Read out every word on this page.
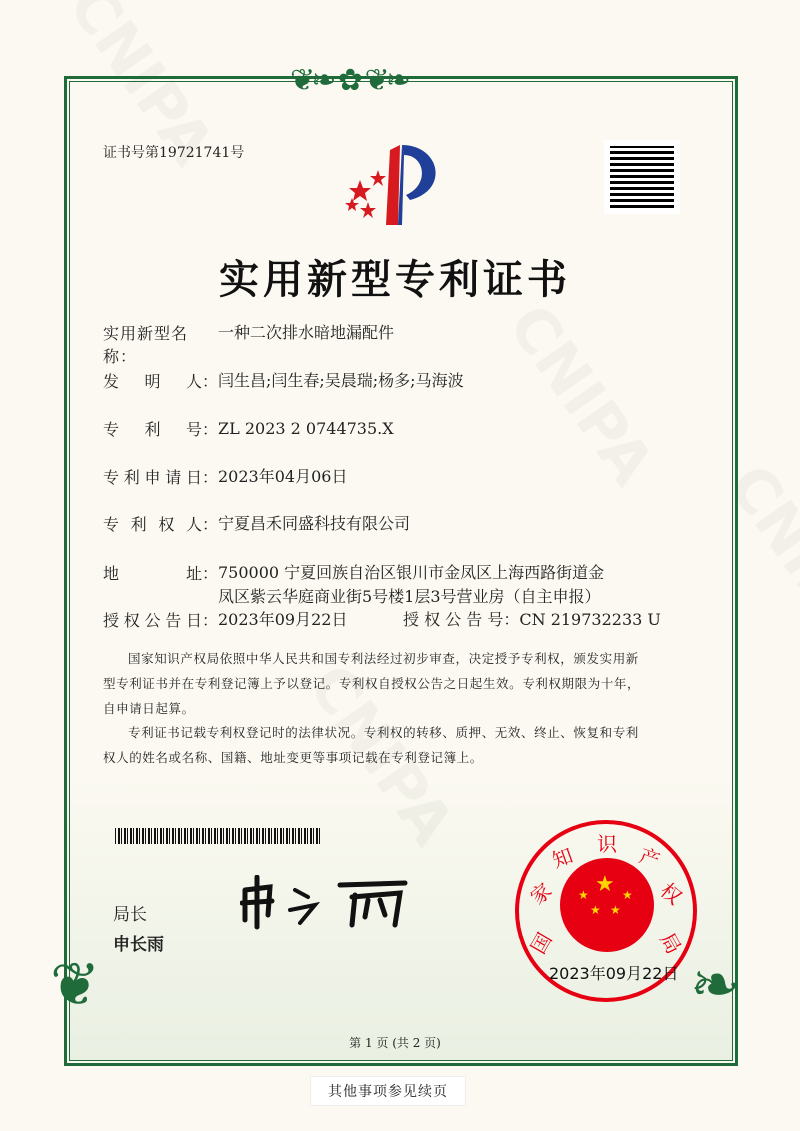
❦❧ ✿ ❦❧
❦	❧
证书号第19721741号
实用新型专利证书
实用新型名称：
一种二次排水暗地漏配件
发 明 人： 闫生昌;闫生春;吴晨瑞;杨多;马海波
专 利 号： ZL 2023 2 0744735.X
专 利 申 请 日： 2023年04月06日
专 利 权 人： 宁夏昌禾同盛科技有限公司
地	址： 750000 宁夏回族自治区银川市金凤区上海西路街道金
凤区紫云华庭商业街5号楼1层3号营业房（自主申报）
授 权 公 告 日： 2023年09月22日	授 权 公 告 号： CN 219732233 U
国家知识产权局依照中华人民共和国专利法经过初步审查，决定授予专利权，颁发实用新型专利证书并在专利登记簿上予以登记。专利权自授权公告之日起生效。专利权期限为十年，自申请日起算。
专利证书记载专利权登记时的法律状况。专利权的转移、质押、无效、终止、恢复和专利权人的姓名或名称、国籍、地址变更等事项记载在专利登记簿上。
局长
申长雨
★
★	★
★ ★
国
家
知 识 产
权
局
2023年09月22日
第 1 页 (共 2 页)
其他事项参见续页
